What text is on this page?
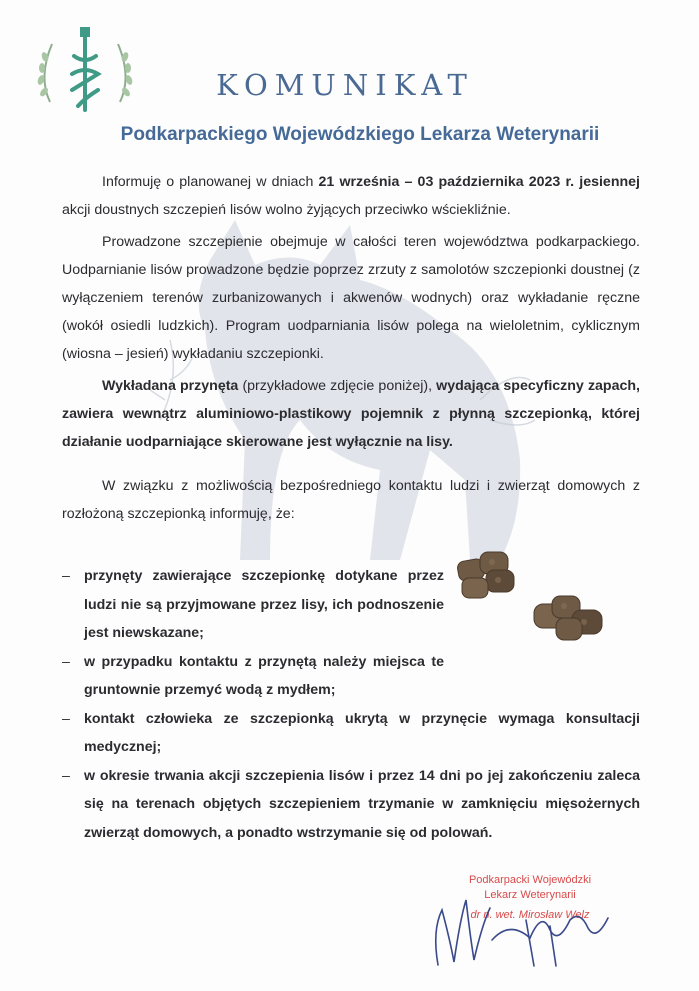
KOMUNIKAT
Podkarpackiego Wojewódzkiego Lekarza Weterynarii

Informuję o planowanej w dniach 21 września – 03 października 2023 r. jesiennej akcji doustnych szczepień lisów wolno żyjących przeciwko wściekliźnie.

Prowadzone szczepienie obejmuje w całości teren województwa podkarpackiego. Uodparnianie lisów prowadzone będzie poprzez zrzuty z samolotów szczepionki doustnej (z wyłączeniem terenów zurbanizowanych i akwenów wodnych) oraz wykładanie ręczne (wokół osiedli ludzkich). Program uodparniania lisów polega na wieloletnim, cyklicznym (wiosna – jesień) wykładaniu szczepionki.

Wykładana przynęta (przykładowe zdjęcie poniżej), wydająca specyficzny zapach, zawiera wewnątrz aluminiowo-plastikowy pojemnik z płynną szczepionką, której działanie uodparniające skierowane jest wyłącznie na lisy.

W związku z możliwością bezpośredniego kontaktu ludzi i zwierząt domowych z rozłożoną szczepionką informuję, że:

– przynęty zawierające szczepionkę dotykane przez ludzi nie są przyjmowane przez lisy, ich podnoszenie jest niewskazane;
– w przypadku kontaktu z przynętą należy miejsca te gruntownie przemyć wodą z mydłem;
– kontakt człowieka ze szczepionką ukrytą w przynęcie wymaga konsultacji medycznej;
– w okresie trwania akcji szczepienia lisów i przez 14 dni po jej zakończeniu zaleca się na terenach objętych szczepieniem trzymanie w zamknięciu mięsożernych zwierząt domowych, a ponadto wstrzymanie się od polowań.
Podkarpacki Wojewódzki
Lekarz Weterynarii
dr n. wet. Mirosław Welz
